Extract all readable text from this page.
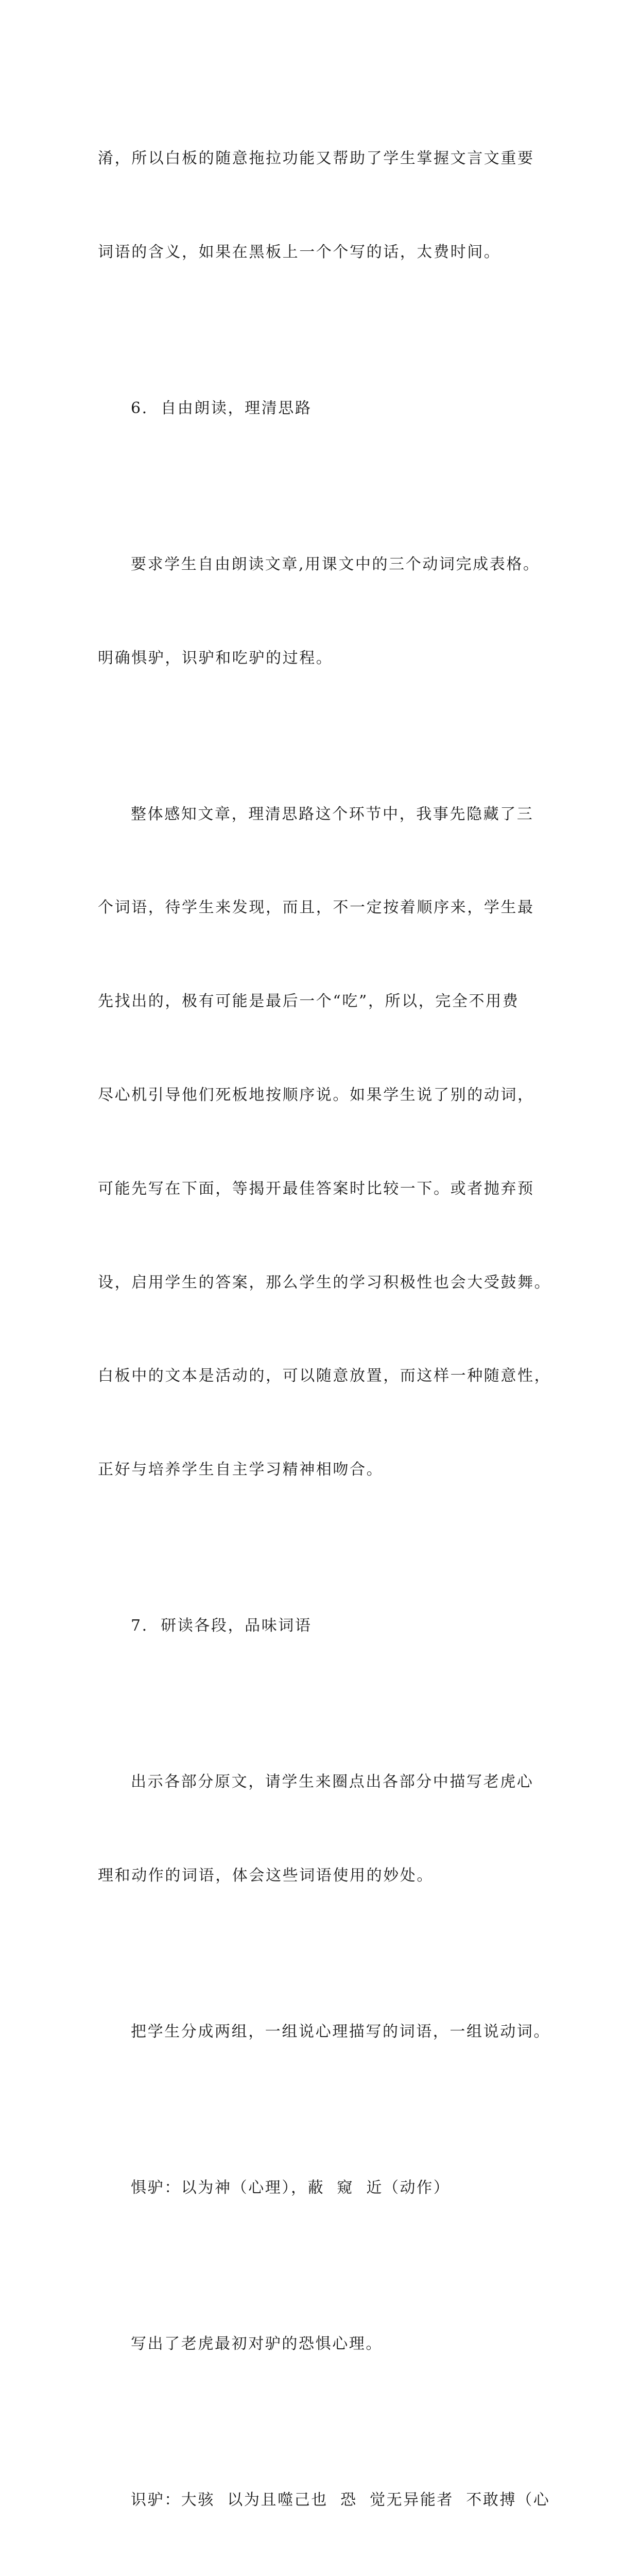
淆，所以白板的随意拖拉功能又帮助了学生掌握文言文重要

词语的含义，如果在黑板上一个个写的话，太费时间。

6.  自由朗读，理清思路

要求学生自由朗读文章,用课文中的三个动词完成表格。

明确惧驴，识驴和吃驴的过程。

整体感知文章，理清思路这个环节中，我事先隐藏了三

个词语，待学生来发现，而且，不一定按着顺序来，学生最

先找出的，极有可能是最后一个“吃”，所以，完全不用费

尽心机引导他们死板地按顺序说。如果学生说了别的动词，

可能先写在下面，等揭开最佳答案时比较一下。或者抛弃预

设，启用学生的答案，那么学生的学习积极性也会大受鼓舞。

白板中的文本是活动的，可以随意放置，而这样一种随意性，

正好与培养学生自主学习精神相吻合。

7.  研读各段，品味词语

出示各部分原文，请学生来圈点出各部分中描写老虎心

理和动作的词语，体会这些词语使用的妙处。

把学生分成两组，一组说心理描写的词语，一组说动词。

惧驴：以为神（心理），蔽  窥  近（动作）

写出了老虎最初对驴的恐惧心理。

识驴：大骇  以为且噬己也  恐  觉无异能者  不敢搏（心
